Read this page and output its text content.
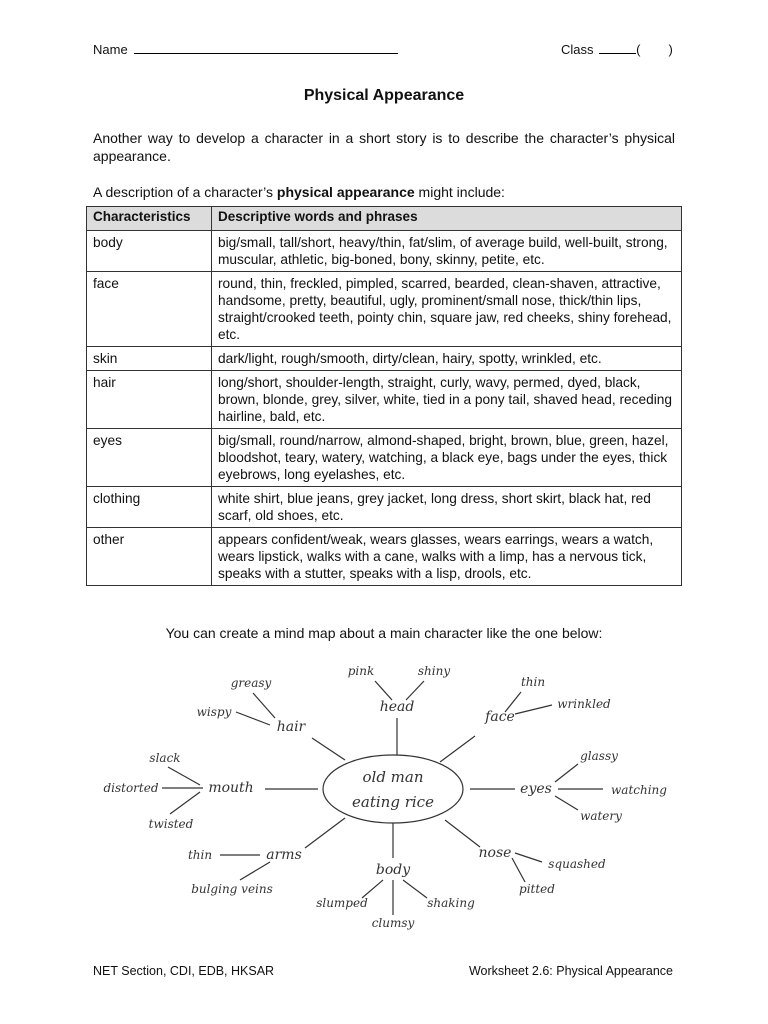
Name	Class	( )
Physical Appearance
Another way to develop a character in a short story is to describe the character’s physical appearance.
A description of a character’s physical appearance might include:
Characteristics	Descriptive words and phrases
body	big/small, tall/short, heavy/thin, fat/slim, of average build, well-built, strong, muscular, athletic, big-boned, bony, skinny, petite, etc.
face	round, thin, freckled, pimpled, scarred, bearded, clean-shaven, attractive, handsome, pretty, beautiful, ugly, prominent/small nose, thick/thin lips, straight/crooked teeth, pointy chin, square jaw, red cheeks, shiny forehead, etc.
skin	dark/light, rough/smooth, dirty/clean, hairy, spotty, wrinkled, etc.
hair	long/short, shoulder-length, straight, curly, wavy, permed, dyed, black, brown, blonde, grey, silver, white, tied in a pony tail, shaved head, receding hairline, bald, etc.
eyes	big/small, round/narrow, almond-shaped, bright, brown, blue, green, hazel, bloodshot, teary, watery, watching, a black eye, bags under the eyes, thick eyebrows, long eyelashes, etc.
clothing	white shirt, blue jeans, grey jacket, long dress, short skirt, black hat, red scarf, old shoes, etc.
other	appears confident/weak, wears glasses, wears earrings, wears a watch, wears lipstick, walks with a cane, walks with a limp, has a nervous tick, speaks with a stutter, speaks with a lisp, drools, etc.
You can create a mind map about a main character like the one below:
old man
eating rice
head
face
hair
mouth	eyes
arms	nose
body
pink	shiny
thin
wrinkled
greasy
wispy
slack
distorted
twisted
glassy
watching
watery
thin
bulging veins
squashed
pitted
slumped
clumsy
shaking
NET Section, CDI, EDB, HKSAR	Worksheet 2.6: Physical Appearance
